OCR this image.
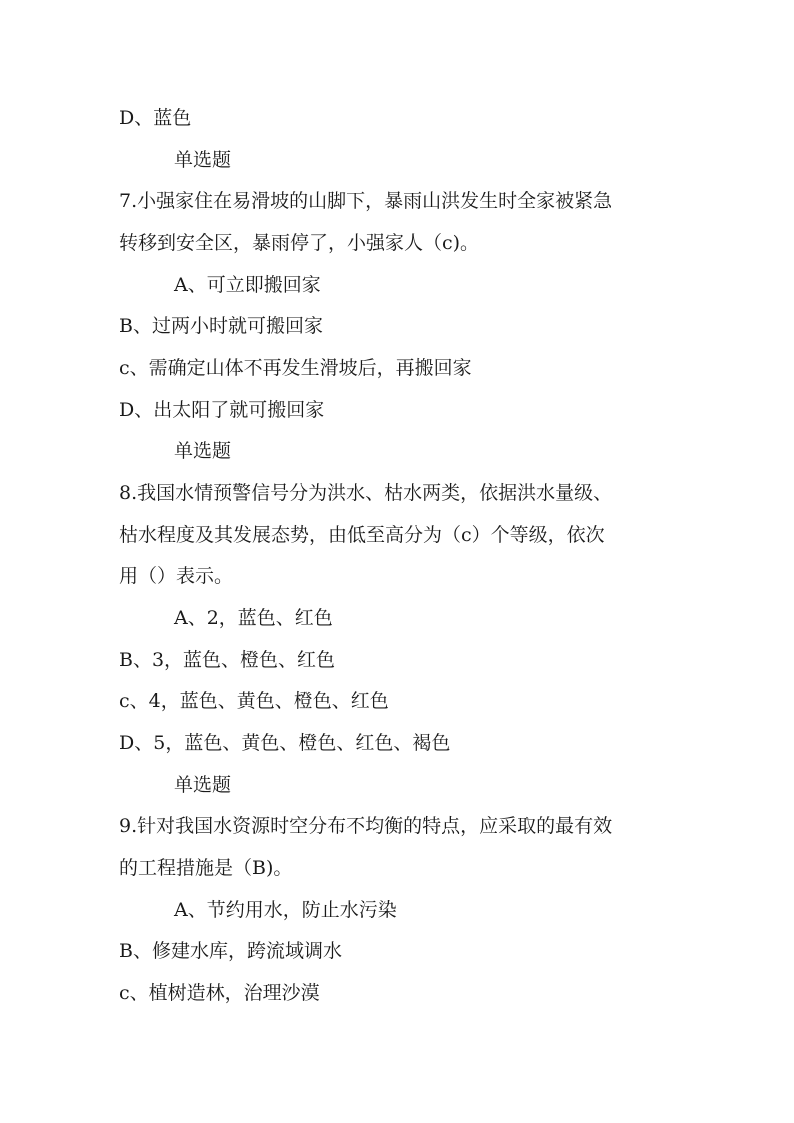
D、蓝色
单选题
7.小强家住在易滑坡的山脚下，暴雨山洪发生时全家被紧急
转移到安全区，暴雨停了，小强家人（c)。
A、可立即搬回家
B、过两小时就可搬回家
c、需确定山体不再发生滑坡后，再搬回家
D、出太阳了就可搬回家
单选题
8.我国水情预警信号分为洪水、枯水两类，依据洪水量级、
枯水程度及其发展态势，由低至高分为（c）个等级，依次
用（）表示。
A、2，蓝色、红色
B、3，蓝色、橙色、红色
c、4，蓝色、黄色、橙色、红色
D、5，蓝色、黄色、橙色、红色、褐色
单选题
9.针对我国水资源时空分布不均衡的特点，应采取的最有效
的工程措施是（B)。
A、节约用水，防止水污染
B、修建水库，跨流域调水
c、植树造林，治理沙漠
